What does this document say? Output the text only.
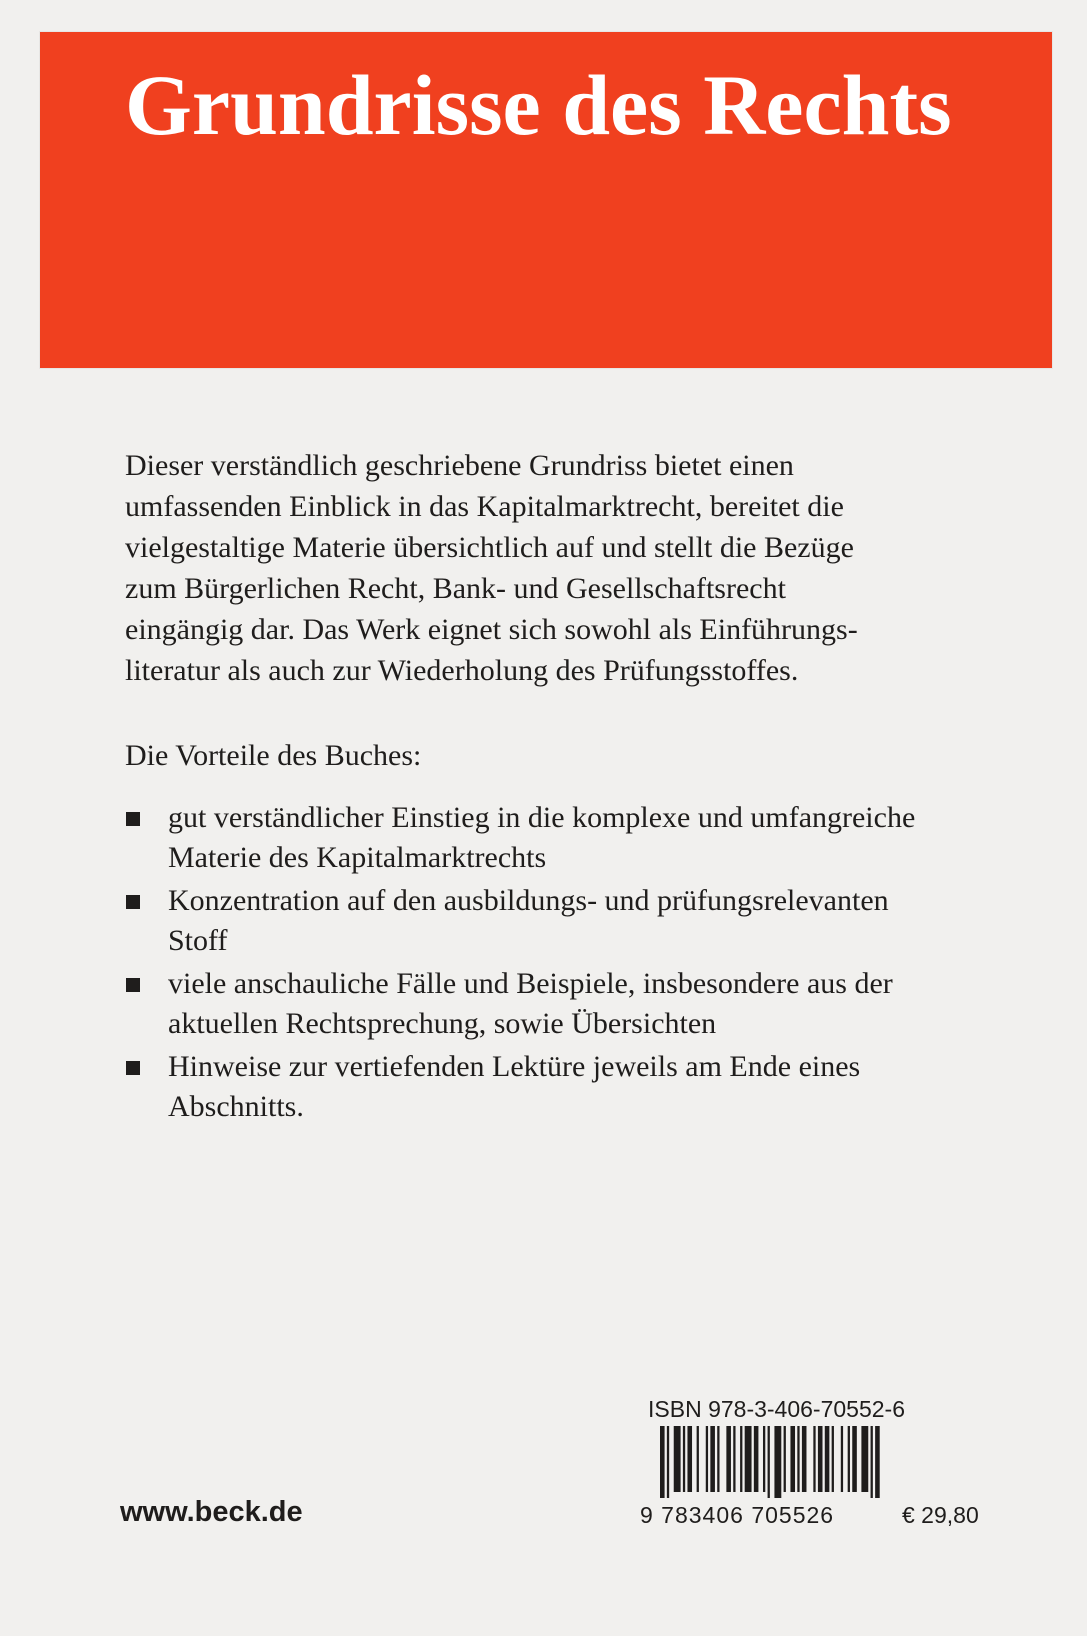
Grundrisse des Rechts
Dieser verständlich geschriebene Grundriss bietet einen
umfassenden Einblick in das Kapitalmarktrecht, bereitet die
vielgestaltige Materie übersichtlich auf und stellt die Bezüge
zum Bürgerlichen Recht, Bank- und Gesellschaftsrecht
eingängig dar. Das Werk eignet sich sowohl als Einführungs-
literatur als auch zur Wiederholung des Prüfungsstoffes.
Die Vorteile des Buches:
gut verständlicher Einstieg in die komplexe und umfangreiche
Materie des Kapitalmarktrechts
Konzentration auf den ausbildungs- und prüfungsrelevanten
Stoff
viele anschauliche Fälle und Beispiele, insbesondere aus der
aktuellen Rechtsprechung, sowie Übersichten
Hinweise zur vertiefenden Lektüre jeweils am Ende eines
Abschnitts.
ISBN 978-3-406-70552-6
9 783406 705526	€ 29,80
www.beck.de
